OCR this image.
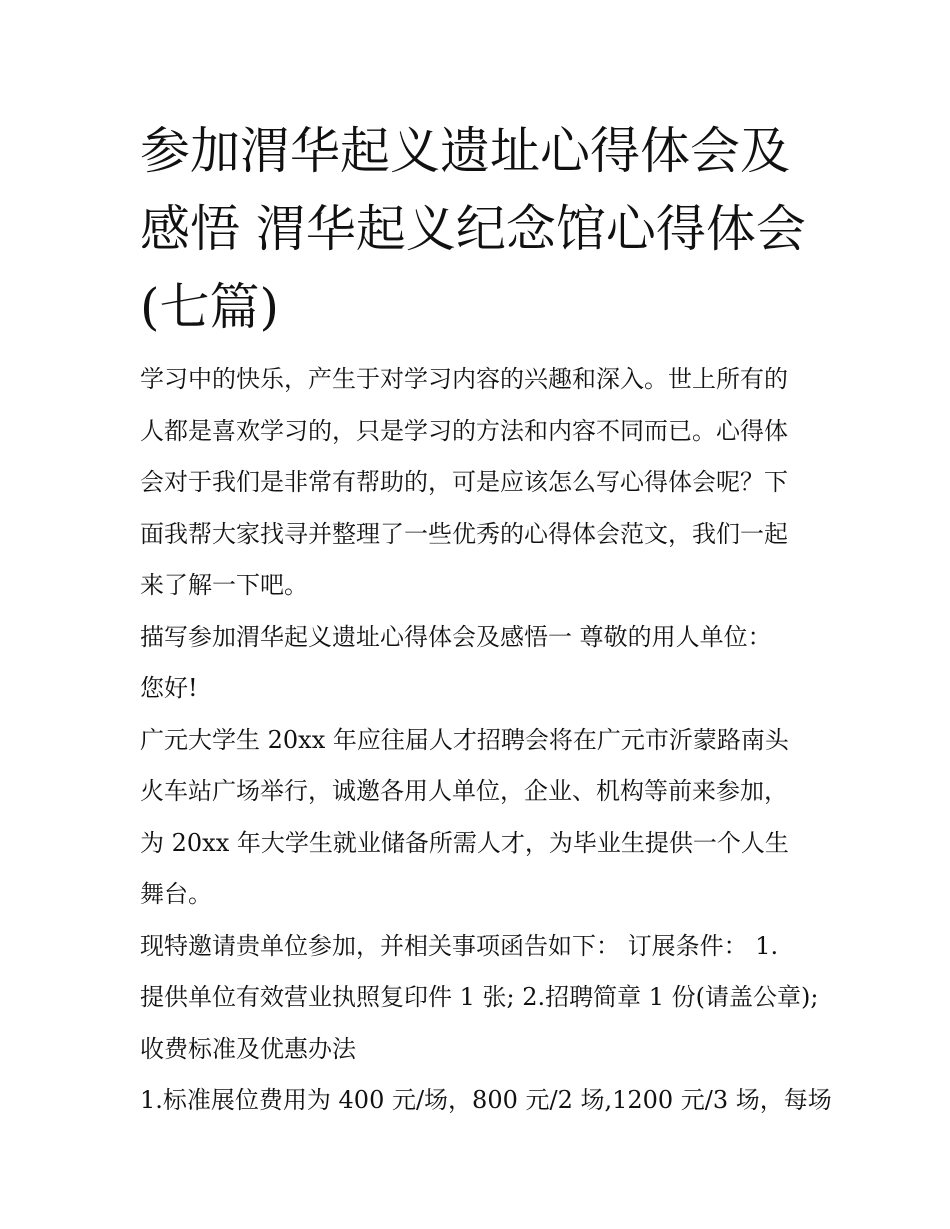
参加渭华起义遗址心得体会及
感悟 渭华起义纪念馆心得体会
(七篇)
学习中的快乐，产生于对学习内容的兴趣和深入。世上所有的
人都是喜欢学习的，只是学习的方法和内容不同而已。心得体
会对于我们是非常有帮助的，可是应该怎么写心得体会呢？下
面我帮大家找寻并整理了一些优秀的心得体会范文，我们一起
来了解一下吧。
描写参加渭华起义遗址心得体会及感悟一 尊敬的用人单位：
您好!
广元大学生 20xx 年应往届人才招聘会将在广元市沂蒙路南头
火车站广场举行，诚邀各用人单位，企业、机构等前来参加，
为 20xx 年大学生就业储备所需人才，为毕业生提供一个人生
舞台。
现特邀请贵单位参加，并相关事项函告如下： 订展条件： 1.
提供单位有效营业执照复印件 1 张; 2.招聘简章 1 份(请盖公章);
收费标准及优惠办法
1.标准展位费用为 400 元/场，800 元/2 场,1200 元/3 场，每场
